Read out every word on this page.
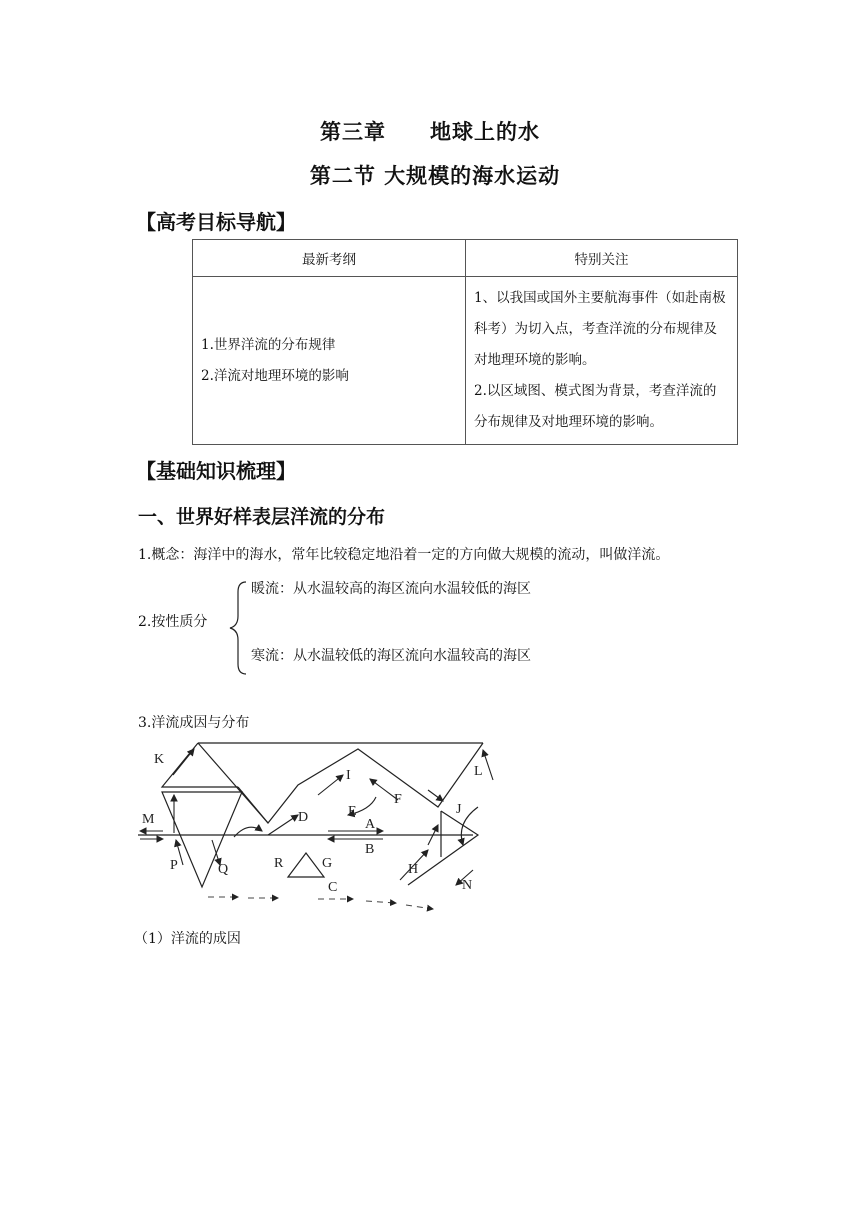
第三章　　地球上的水
第二节 大规模的海水运动
【高考目标导航】
最新考纲	特别关注

1.世界洋流的分布规律
2.洋流对地理环境的影响	1、以我国或国外主要航海事件（如赴南极
科考）为切入点，考查洋流的分布规律及
对地理环境的影响。
2.以区域图、模式图为背景，考查洋流的
分布规律及对地理环境的影响。
【基础知识梳理】
一、世界好样表层洋流的分布
1.概念：海洋中的海水，常年比较稳定地沿着一定的方向做大规模的流动，叫做洋流。
2.按性质分
暖流：从水温较高的海区流向水温较低的海区
寒流：从水温较低的海区流向水温较高的海区
3.洋流成因与分布
K
I	L
F
J
E
M	D	A
B
P	Q	R	G	H
C	N
（1）洋流的成因
